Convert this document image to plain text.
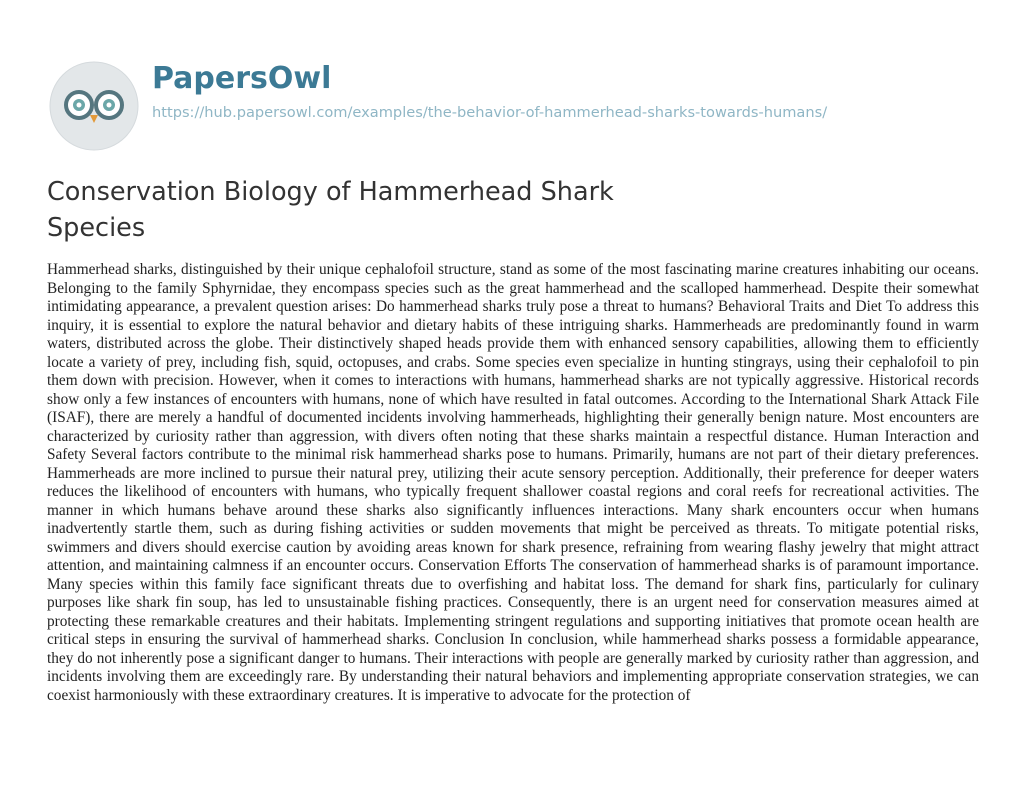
PapersOwl
https://hub.papersowl.com/examples/the-behavior-of-hammerhead-sharks-towards-humans/
Conservation Biology of Hammerhead Shark Species

Hammerhead sharks, distinguished by their unique cephalofoil structure, stand as some of the most fascinating marine creatures inhabiting our oceans. Belonging to the family Sphyrnidae, they encompass species such as the great hammerhead and the scalloped hammerhead. Despite their somewhat intimidating appearance, a prevalent question arises: Do hammerhead sharks truly pose a threat to humans? Behavioral Traits and Diet To address this inquiry, it is essential to explore the natural behavior and dietary habits of these intriguing sharks. Hammerheads are predominantly found in warm waters, distributed across the globe. Their distinctively shaped heads provide them with enhanced sensory capabilities, allowing them to efficiently locate a variety of prey, including fish, squid, octopuses, and crabs. Some species even specialize in hunting stingrays, using their cephalofoil to pin them down with precision. However, when it comes to interactions with humans, hammerhead sharks are not typically aggressive. Historical records show only a few instances of encounters with humans, none of which have resulted in fatal outcomes. According to the International Shark Attack File (ISAF), there are merely a handful of documented incidents involving hammerheads, highlighting their generally benign nature. Most encounters are characterized by curiosity rather than aggression, with divers often noting that these sharks maintain a respectful distance. Human Interaction and Safety Several factors contribute to the minimal risk hammerhead sharks pose to humans. Primarily, humans are not part of their dietary preferences. Hammerheads are more inclined to pursue their natural prey, utilizing their acute sensory perception. Additionally, their preference for deeper waters reduces the likelihood of encounters with humans, who typically frequent shallower coastal regions and coral reefs for recreational activities. The manner in which humans behave around these sharks also significantly influences interactions. Many shark encounters occur when humans inadvertently startle them, such as during fishing activities or sudden movements that might be perceived as threats. To mitigate potential risks, swimmers and divers should exercise caution by avoiding areas known for shark presence, refraining from wearing flashy jewelry that might attract attention, and maintaining calmness if an encounter occurs. Conservation Efforts The conservation of hammerhead sharks is of paramount importance. Many species within this family face significant threats due to overfishing and habitat loss. The demand for shark fins, particularly for culinary purposes like shark fin soup, has led to unsustainable fishing practices. Consequently, there is an urgent need for conservation measures aimed at protecting these remarkable creatures and their habitats. Implementing stringent regulations and supporting initiatives that promote ocean health are critical steps in ensuring the survival of hammerhead sharks. Conclusion In conclusion, while hammerhead sharks possess a formidable appearance, they do not inherently pose a significant danger to humans. Their interactions with people are generally marked by curiosity rather than aggression, and incidents involving them are exceedingly rare. By understanding their natural behaviors and implementing appropriate conservation strategies, we can coexist harmoniously with these extraordinary creatures. It is imperative to advocate for the protection of
